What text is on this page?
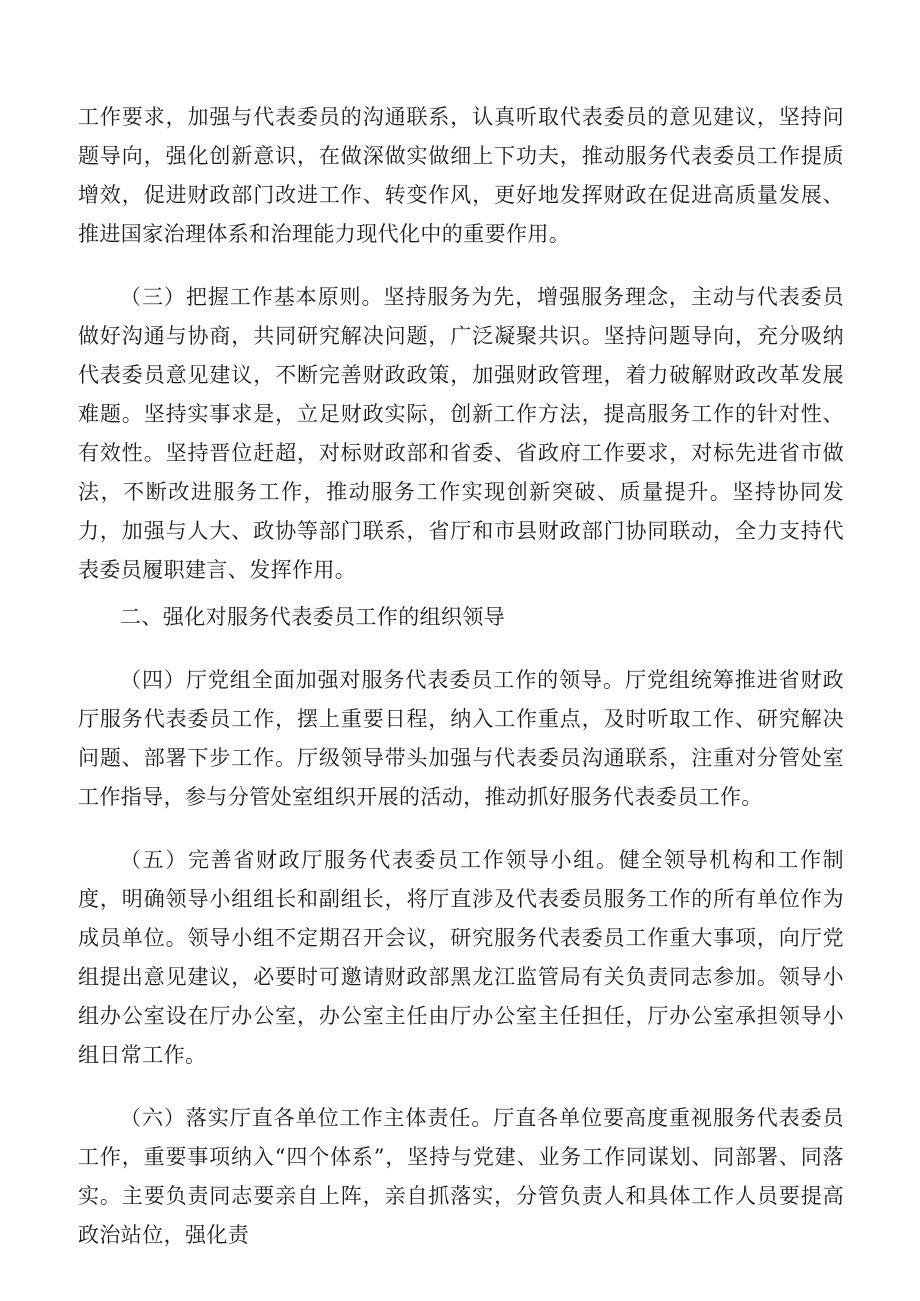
工作要求，加强与代表委员的沟通联系，认真听取代表委员的意见建议，坚持问题导向，强化创新意识，在做深做实做细上下功夫，推动服务代表委员工作提质增效，促进财政部门改进工作、转变作风，更好地发挥财政在促进高质量发展、推进国家治理体系和治理能力现代化中的重要作用。

（三）把握工作基本原则。坚持服务为先，增强服务理念，主动与代表委员做好沟通与协商，共同研究解决问题，广泛凝聚共识。坚持问题导向，充分吸纳代表委员意见建议，不断完善财政政策，加强财政管理，着力破解财政改革发展难题。坚持实事求是，立足财政实际，创新工作方法，提高服务工作的针对性、有效性。坚持晋位赶超，对标财政部和省委、省政府工作要求，对标先进省市做法，不断改进服务工作，推动服务工作实现创新突破、质量提升。坚持协同发力，加强与人大、政协等部门联系，省厅和市县财政部门协同联动，全力支持代表委员履职建言、发挥作用。

二、强化对服务代表委员工作的组织领导

（四）厅党组全面加强对服务代表委员工作的领导。厅党组统筹推进省财政厅服务代表委员工作，摆上重要日程，纳入工作重点，及时听取工作、研究解决问题、部署下步工作。厅级领导带头加强与代表委员沟通联系，注重对分管处室工作指导，参与分管处室组织开展的活动，推动抓好服务代表委员工作。

（五）完善省财政厅服务代表委员工作领导小组。健全领导机构和工作制度，明确领导小组组长和副组长，将厅直涉及代表委员服务工作的所有单位作为成员单位。领导小组不定期召开会议，研究服务代表委员工作重大事项，向厅党组提出意见建议，必要时可邀请财政部黑龙江监管局有关负责同志参加。领导小组办公室设在厅办公室，办公室主任由厅办公室主任担任，厅办公室承担领导小组日常工作。

（六）落实厅直各单位工作主体责任。厅直各单位要高度重视服务代表委员工作，重要事项纳入“四个体系”，坚持与党建、业务工作同谋划、同部署、同落实。主要负责同志要亲自上阵，亲自抓落实，分管负责人和具体工作人员要提高政治站位，强化责
